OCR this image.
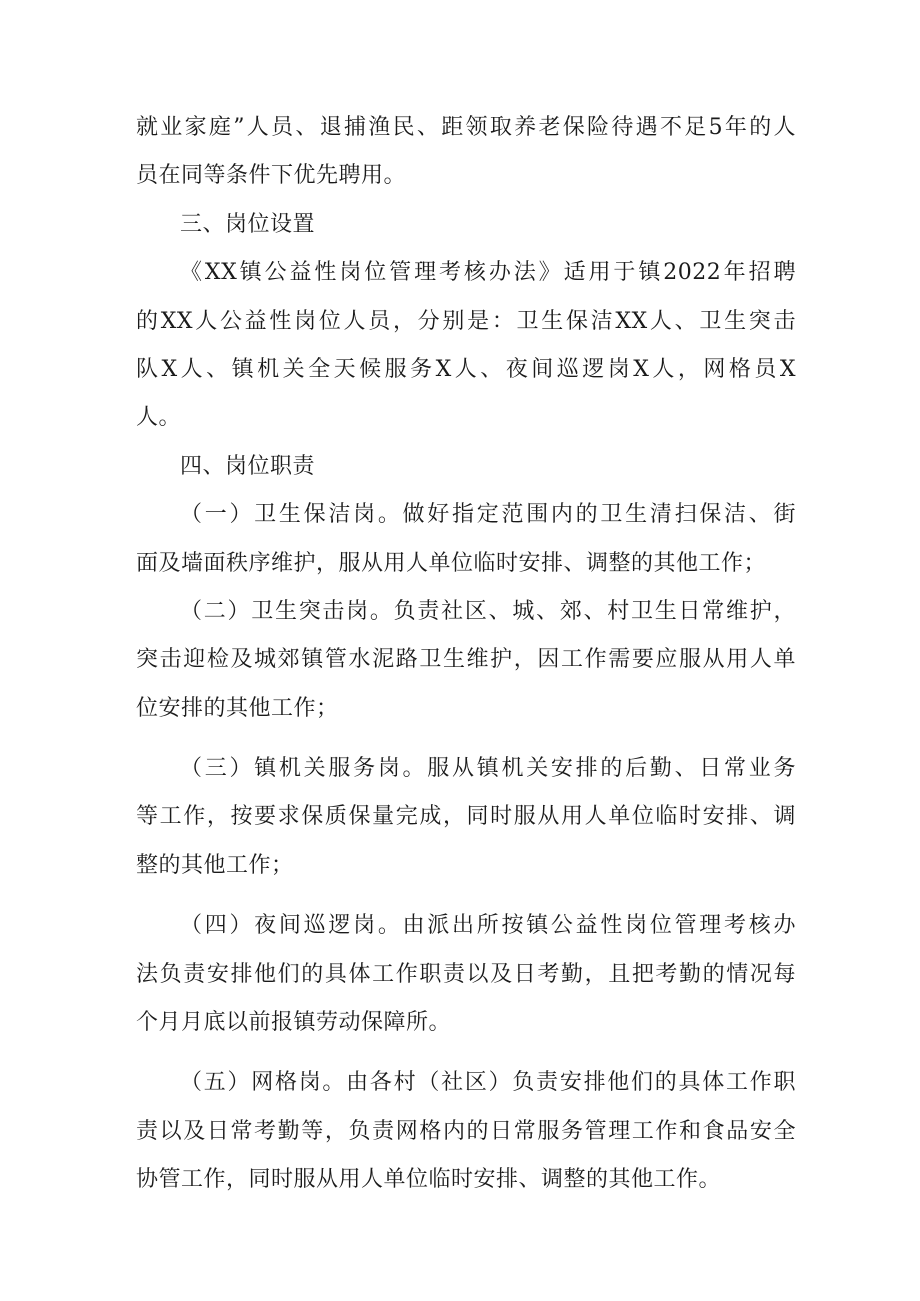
就业家庭”人员、退捕渔民、距领取养老保险待遇不足5年的人
员在同等条件下优先聘用。
三、岗位设置
《XX镇公益性岗位管理考核办法》适用于镇2022年招聘
的XX人公益性岗位人员，分别是：卫生保洁XX人、卫生突击
队X人、镇机关全天候服务X人、夜间巡逻岗X人，网格员X
人。
四、岗位职责
（一）卫生保洁岗。做好指定范围内的卫生清扫保洁、街
面及墙面秩序维护，服从用人单位临时安排、调整的其他工作；
（二）卫生突击岗。负责社区、城、郊、村卫生日常维护，
突击迎检及城郊镇管水泥路卫生维护，因工作需要应服从用人单
位安排的其他工作；
（三）镇机关服务岗。服从镇机关安排的后勤、日常业务
等工作，按要求保质保量完成，同时服从用人单位临时安排、调
整的其他工作；
（四）夜间巡逻岗。由派出所按镇公益性岗位管理考核办
法负责安排他们的具体工作职责以及日考勤，且把考勤的情况每
个月月底以前报镇劳动保障所。
（五）网格岗。由各村（社区）负责安排他们的具体工作职
责以及日常考勤等，负责网格内的日常服务管理工作和食品安全
协管工作，同时服从用人单位临时安排、调整的其他工作。
